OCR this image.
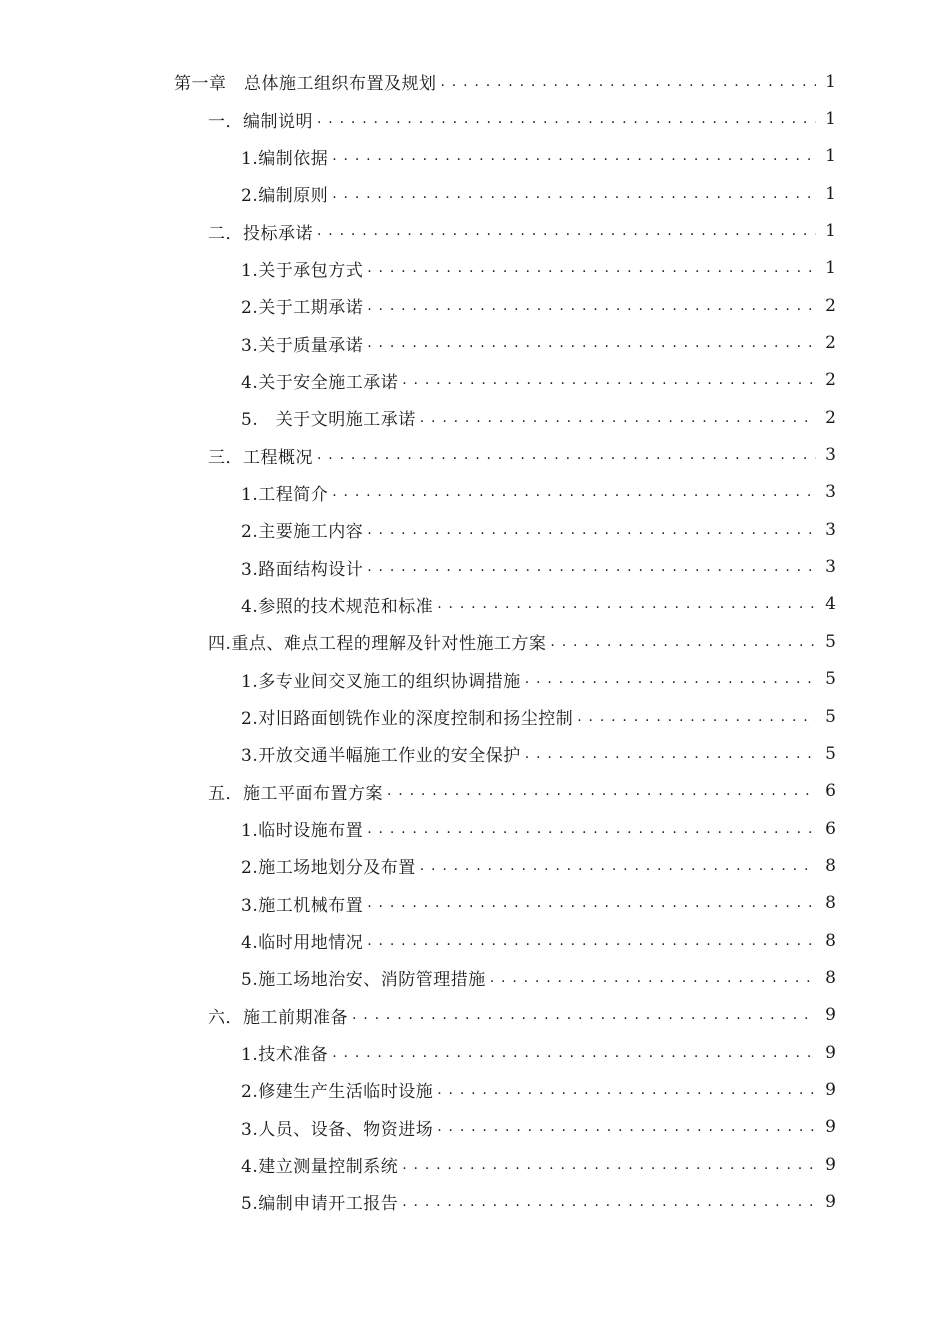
第一章　总体施工组织布置及规划 . . .	1
一．编制说明 . . .	1
1.编制依据 . . .	1
2.编制原则 . . .	1
二．投标承诺 . . .	1
1.关于承包方式 . . .	1
2.关于工期承诺 . . .	2
3.关于质量承诺 . . .	2
4.关于安全施工承诺 . . .	2
5.　关于文明施工承诺 . . .	2
三．工程概况 . . .	3
1.工程简介 . . .	3
2.主要施工内容 . . .	3
3.路面结构设计 . . .	3
4.参照的技术规范和标准 . . .	4
四.重点、难点工程的理解及针对性施工方案 . . .	5
1.多专业间交叉施工的组织协调措施 . . .	5
2.对旧路面刨铣作业的深度控制和扬尘控制 . . .	5
3.开放交通半幅施工作业的安全保护 . . .	5
五．施工平面布置方案 . . .	6
1.临时设施布置 . . .	6
2.施工场地划分及布置 . . .	8
3.施工机械布置 . . .	8
4.临时用地情况 . . .	8
5.施工场地治安、消防管理措施 . . .	8
六．施工前期准备 . . .	9
1.技术准备 . . .	9
2.修建生产生活临时设施 . . .	9
3.人员、设备、物资进场 . . .	9
4.建立测量控制系统 . . .	9
5.编制申请开工报告 . . .	9
